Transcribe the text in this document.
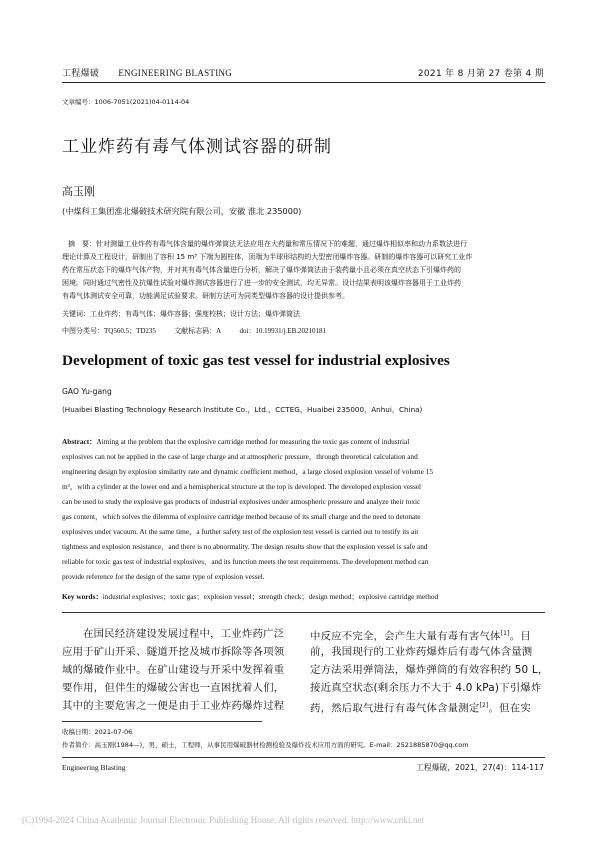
工程爆破 ENGINEERING BLASTING	2021 年 8 月第 27 卷第 4 期
文章编号：1006-7051(2021)04-0114-04
工业炸药有毒气体测试容器的研制
高玉刚
(中煤科工集团淮北爆破技术研究院有限公司，安徽 淮北 235000)
摘　要：针对测量工业炸药有毒气体含量的爆炸弹筒法无法应用在大药量和常压情况下的难题，通过爆炸相似率和动力系数法进行
理论计算及工程设计，研制出了容积 15 m³ 下端为圆柱体，顶端为半球形结构的大型密闭爆炸容器。研制的爆炸容器可以研究工业炸
药在常压状态下的爆炸气体产物，并对其有毒气体含量进行分析，解决了爆炸弹筒法由于装药量小且必须在真空状态下引爆炸药的
困境。同时通过气密性及抗爆性试验对爆炸测试容器进行了进一步的安全测试，均无异常。设计结果表明该爆炸容器用于工业炸药
有毒气体测试安全可靠，功能满足试验要求。研制方法可为同类型爆炸容器的设计提供参考。
关键词：工业炸药；有毒气体；爆炸容器；强度校核；设计方法；爆炸弹筒法
中图分类号：TQ560.5；TD235	文献标志码：A	doi：10.19931/j.EB.20210181
Development of toxic gas test vessel for industrial explosives
GAO Yu-gang
(Huaibei Blasting Technology Research Institute Co.，Ltd.，CCTEG，Huaibei 235000，Anhui，China)
Abstract：Aiming at the problem that the explosive cartridge method for measuring the toxic gas content of industrial
explosives can not be applied in the case of large charge and at atmospheric pressure，through theoretical calculation and
engineering design by explosion similarity rate and dynamic coefficient method，a large closed explosion vessel of volume 15
m³，with a cylinder at the lower end and a hemispherical structure at the top is developed. The developed explosion vessel
can be used to study the explosive gas products of industrial explosives under atmospheric pressure and analyze their toxic
gas content，which solves the dilemma of explosive cartridge method because of its small charge and the need to detonate
explosives under vacuum. At the same time，a further safety test of the explosion test vessel is carried out to testify its air
tightness and explosion resistance，and there is no abnormality. The design results show that the explosion vessel is safe and
reliable for toxic gas test of industrial explosives，and its function meets the test requirements. The development method can
provide reference for the design of the same type of explosion vessel.
Key words：industrial explosives；toxic gas；explosion vessel；strength check；design method；explosive cartridge method
在国民经济建设发展过程中，工业炸药广泛
应用于矿山开采、隧道开挖及城市拆除等各项领
域的爆破作业中。在矿山建设与开采中发挥着重
要作用，但伴生的爆破公害也一直困扰着人们，
其中的主要危害之一便是由于工业炸药爆炸过程
中反应不完全，会产生大量有毒有害气体[1]。目
前，我国现行的工业炸药爆炸后有毒气体含量测
定方法采用弹筒法，爆炸弹筒的有效容积约 50 L，
接近真空状态(剩余压力不大于 4.0 kPa)下引爆炸
药，然后取气进行有毒气体含量测定[2]。但在实
收稿日期：2021-07-06
作者简介：高玉刚(1984—)，男，硕士，工程师，从事民用爆破器材检测检验及爆炸技术应用方面的研究。E-mail：2521885870@qq.com
Engineering Blasting	工程爆破，2021，27(4)：114-117
(C)1994-2024 China Academic Journal Electronic Publishing House. All rights reserved. http://www.cnki.net
